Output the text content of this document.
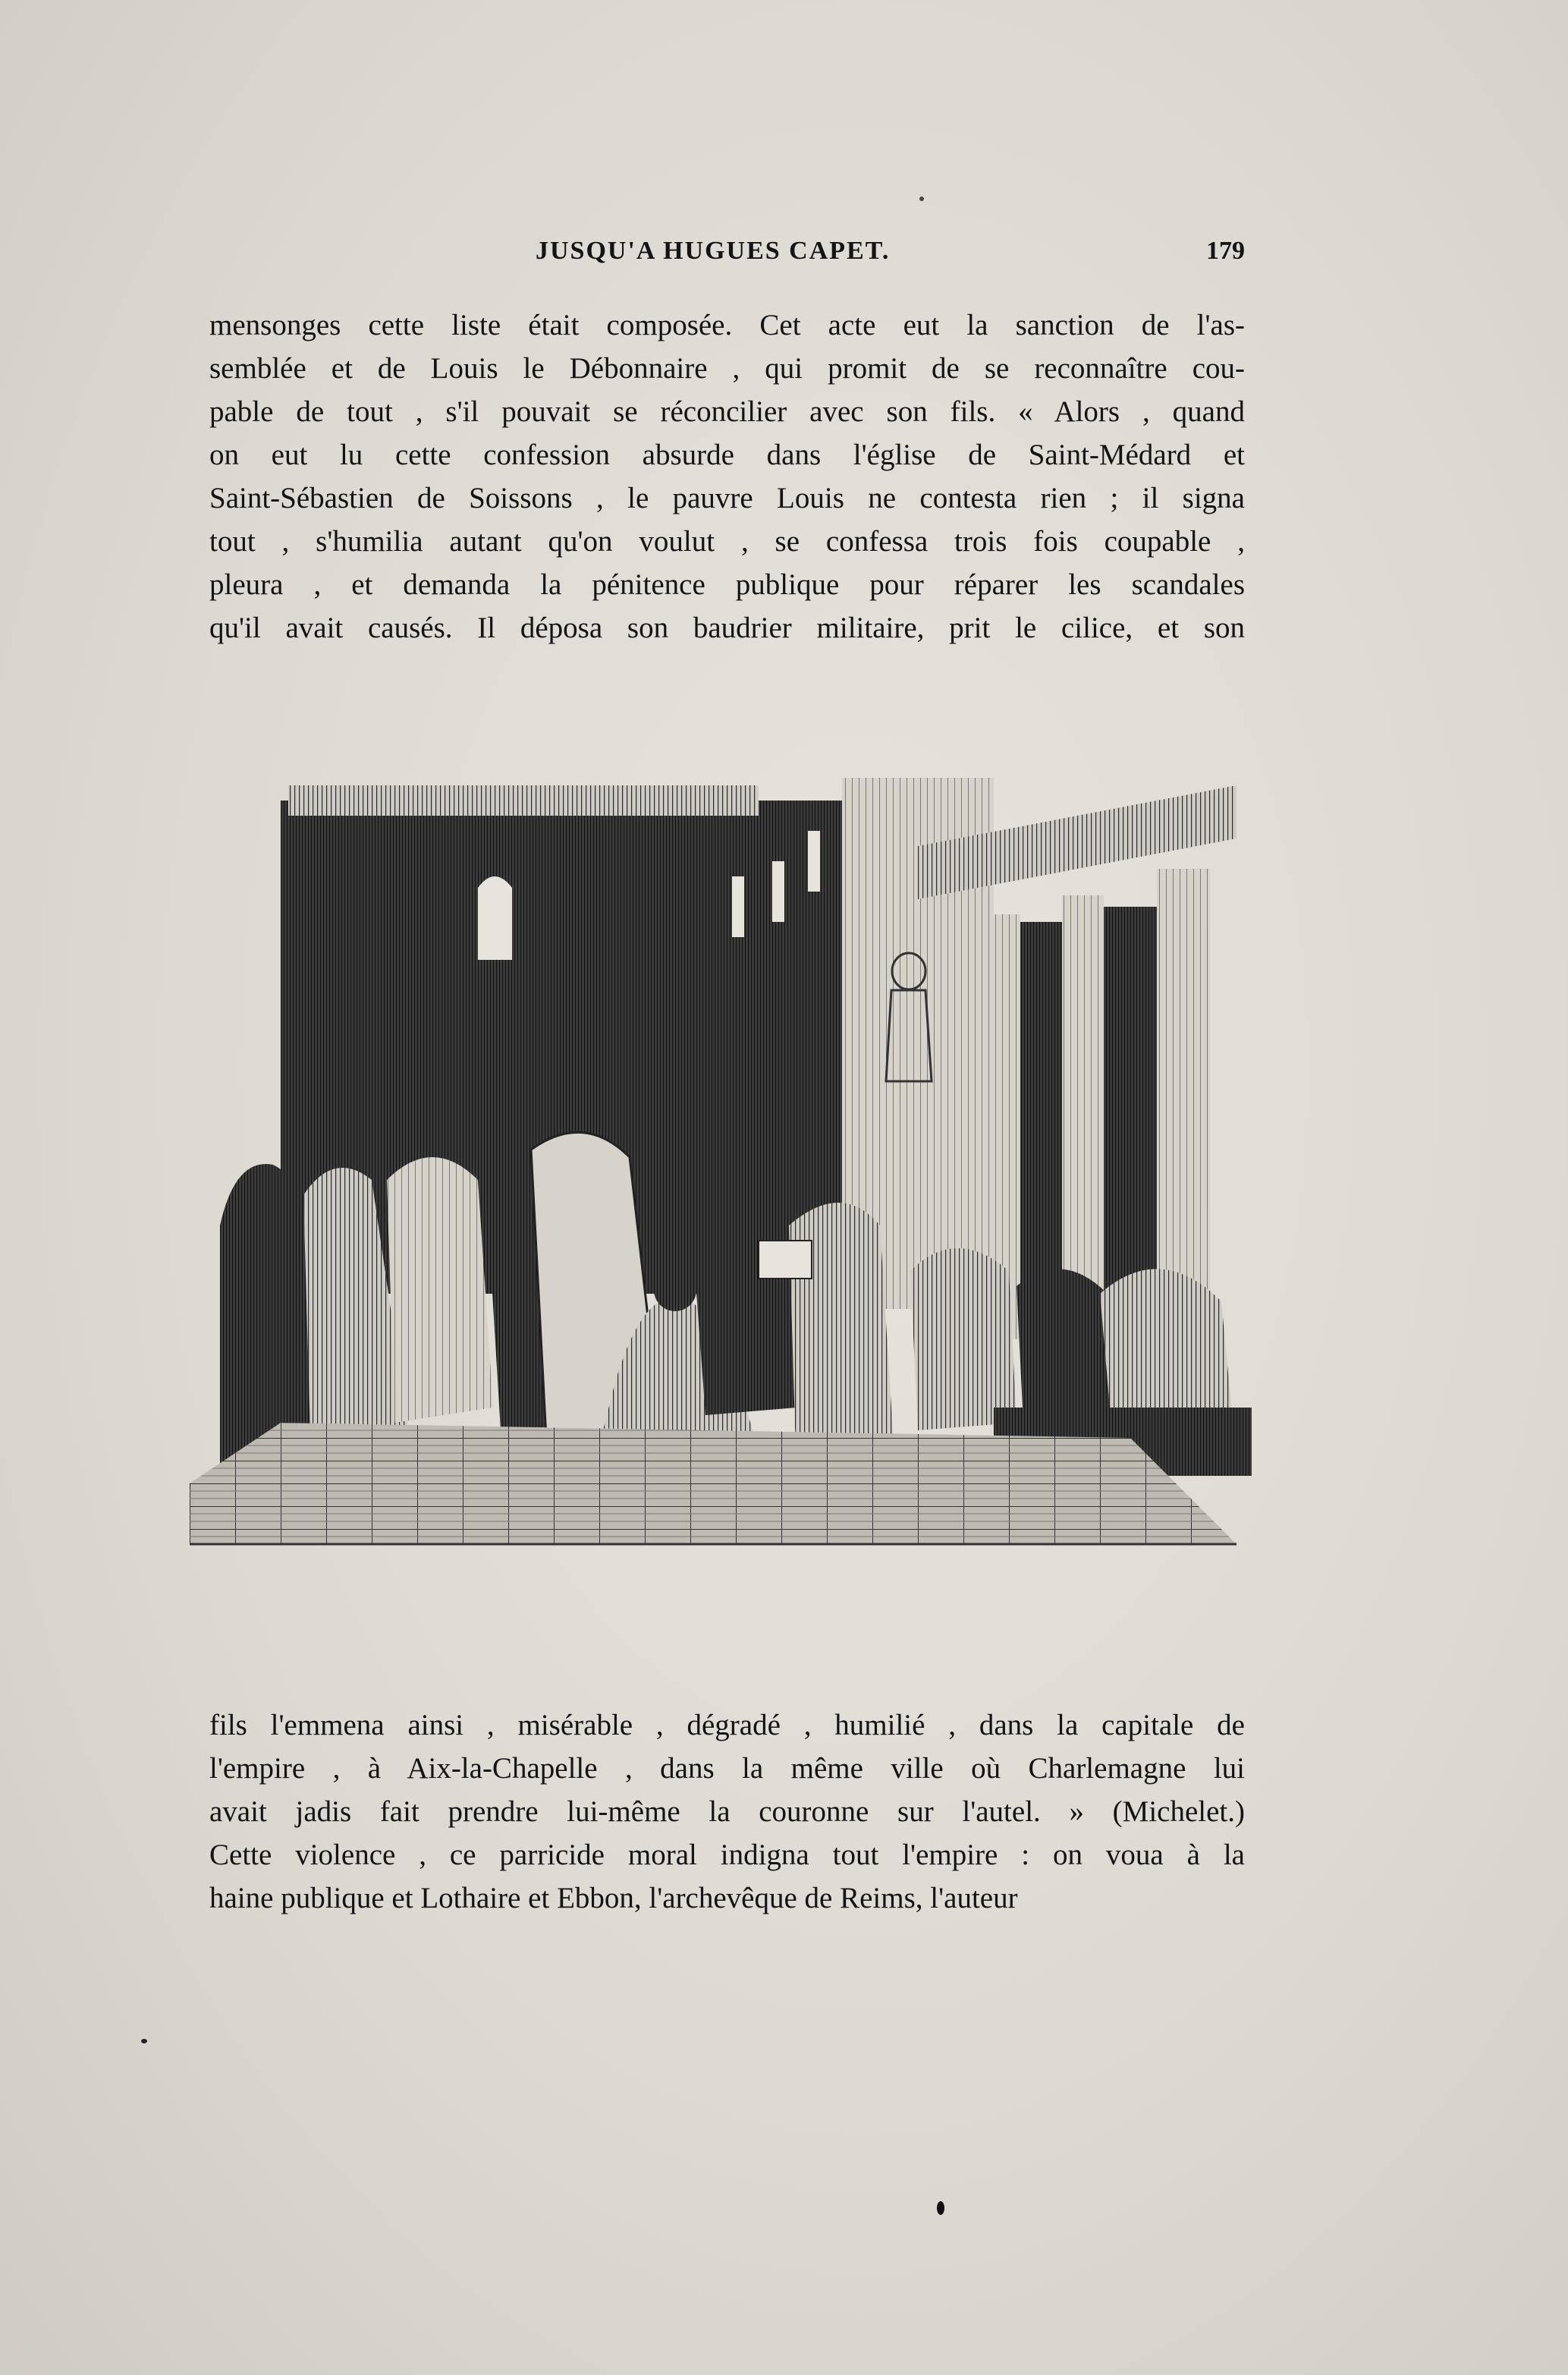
JUSQU'A HUGUES CAPET.	179
mensonges cette liste était composée. Cet acte eut la sanction de l'as-
semblée et de Louis le Débonnaire , qui promit de se reconnaître cou-
pable de tout , s'il pouvait se réconcilier avec son fils. « Alors , quand
on eut lu cette confession absurde dans l'église de Saint-Médard et
Saint-Sébastien de Soissons , le pauvre Louis ne contesta rien ; il signa
tout , s'humilia autant qu'on voulut , se confessa trois fois coupable ,
pleura , et demanda la pénitence publique pour réparer les scandales
qu'il avait causés. Il déposa son baudrier militaire, prit le cilice, et son
fils l'emmena ainsi , misérable , dégradé , humilié , dans la capitale de
l'empire , à Aix-la-Chapelle , dans la même ville où Charlemagne lui
avait jadis fait prendre lui-même la couronne sur l'autel. » (Michelet.)
Cette violence , ce parricide moral indigna tout l'empire : on voua à la
haine publique et Lothaire et Ebbon, l'archevêque de Reims, l'auteur
